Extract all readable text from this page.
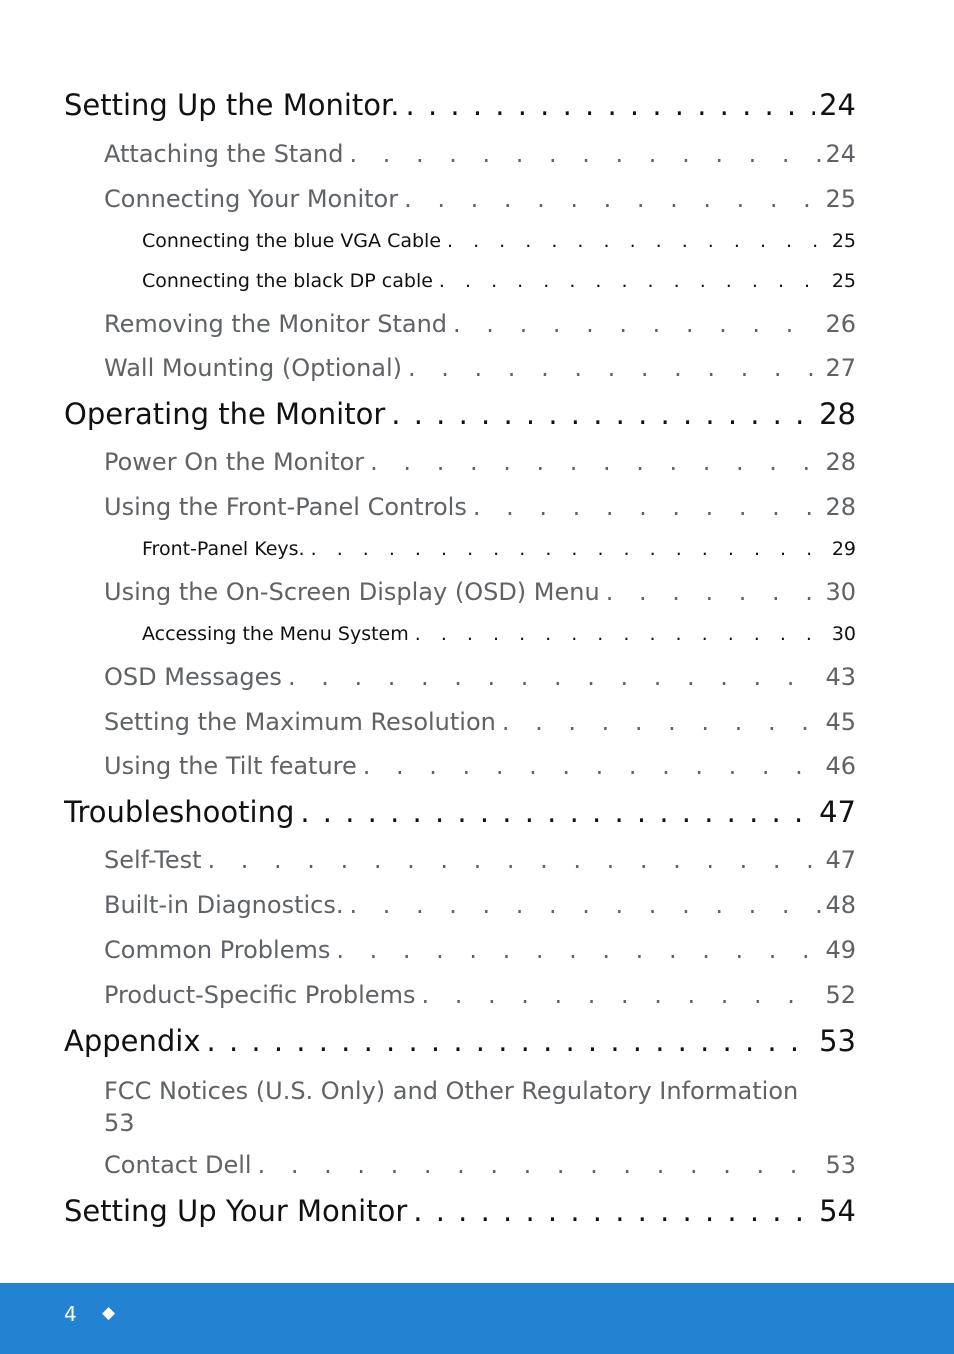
Setting Up the Monitor. . . .	24
Attaching the Stand . . .	24
Connecting Your Monitor . . .	25
Connecting the blue VGA Cable . . .	25
Connecting the black DP cable . . .	25
Removing the Monitor Stand . . .	26
Wall Mounting (Optional) . . .	27
Operating the Monitor . . .	28
Power On the Monitor . . .	28
Using the Front-Panel Controls . . .	28
Front-Panel Keys. . . .	29
Using the On-Screen Display (OSD) Menu . . .	30
Accessing the Menu System . . .	30
OSD Messages . . .	43
Setting the Maximum Resolution . . .	45
Using the Tilt feature . . .	46
Troubleshooting . . .	47
Self-Test . . .	47
Built-in Diagnostics. . . .	48
Common Problems . . .	49
Product-Specific Problems . . .	52
Appendix . . .	53
FCC Notices (U.S. Only) and Other Regulatory Information
53
Contact Dell . . .	53
Setting Up Your Monitor . . .	54
4 ◆
